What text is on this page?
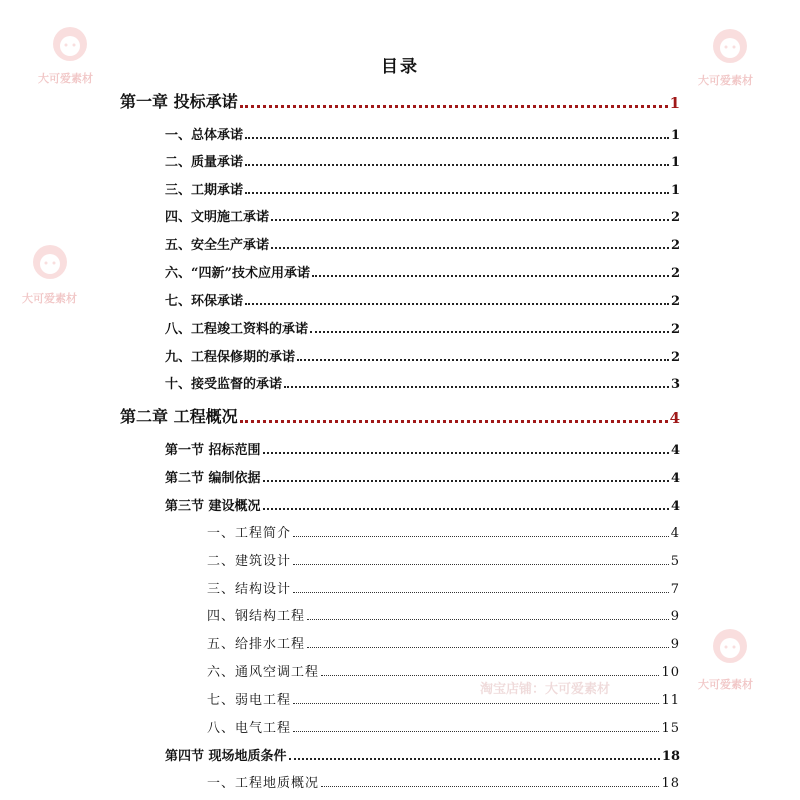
大可爱素材	大可爱素材
大可爱素材
大可爱素材
淘宝店铺：大可爱素材
目录
第一章 投标承诺	1
一、总体承诺	1
二、质量承诺	1
三、工期承诺	1
四、文明施工承诺	2
五、安全生产承诺	2
六、“四新”技术应用承诺	2
七、环保承诺	2
八、工程竣工资料的承诺	2
九、工程保修期的承诺	2
十、接受监督的承诺	3
第二章 工程概况	4
第一节 招标范围	4
第二节 编制依据	4
第三节 建设概况	4
一、工程简介	4
二、建筑设计	5
三、结构设计	7
四、钢结构工程	9
五、给排水工程	9
六、通风空调工程	10
七、弱电工程	11
八、电气工程	15
第四节 现场地质条件	18
一、工程地质概况	18
